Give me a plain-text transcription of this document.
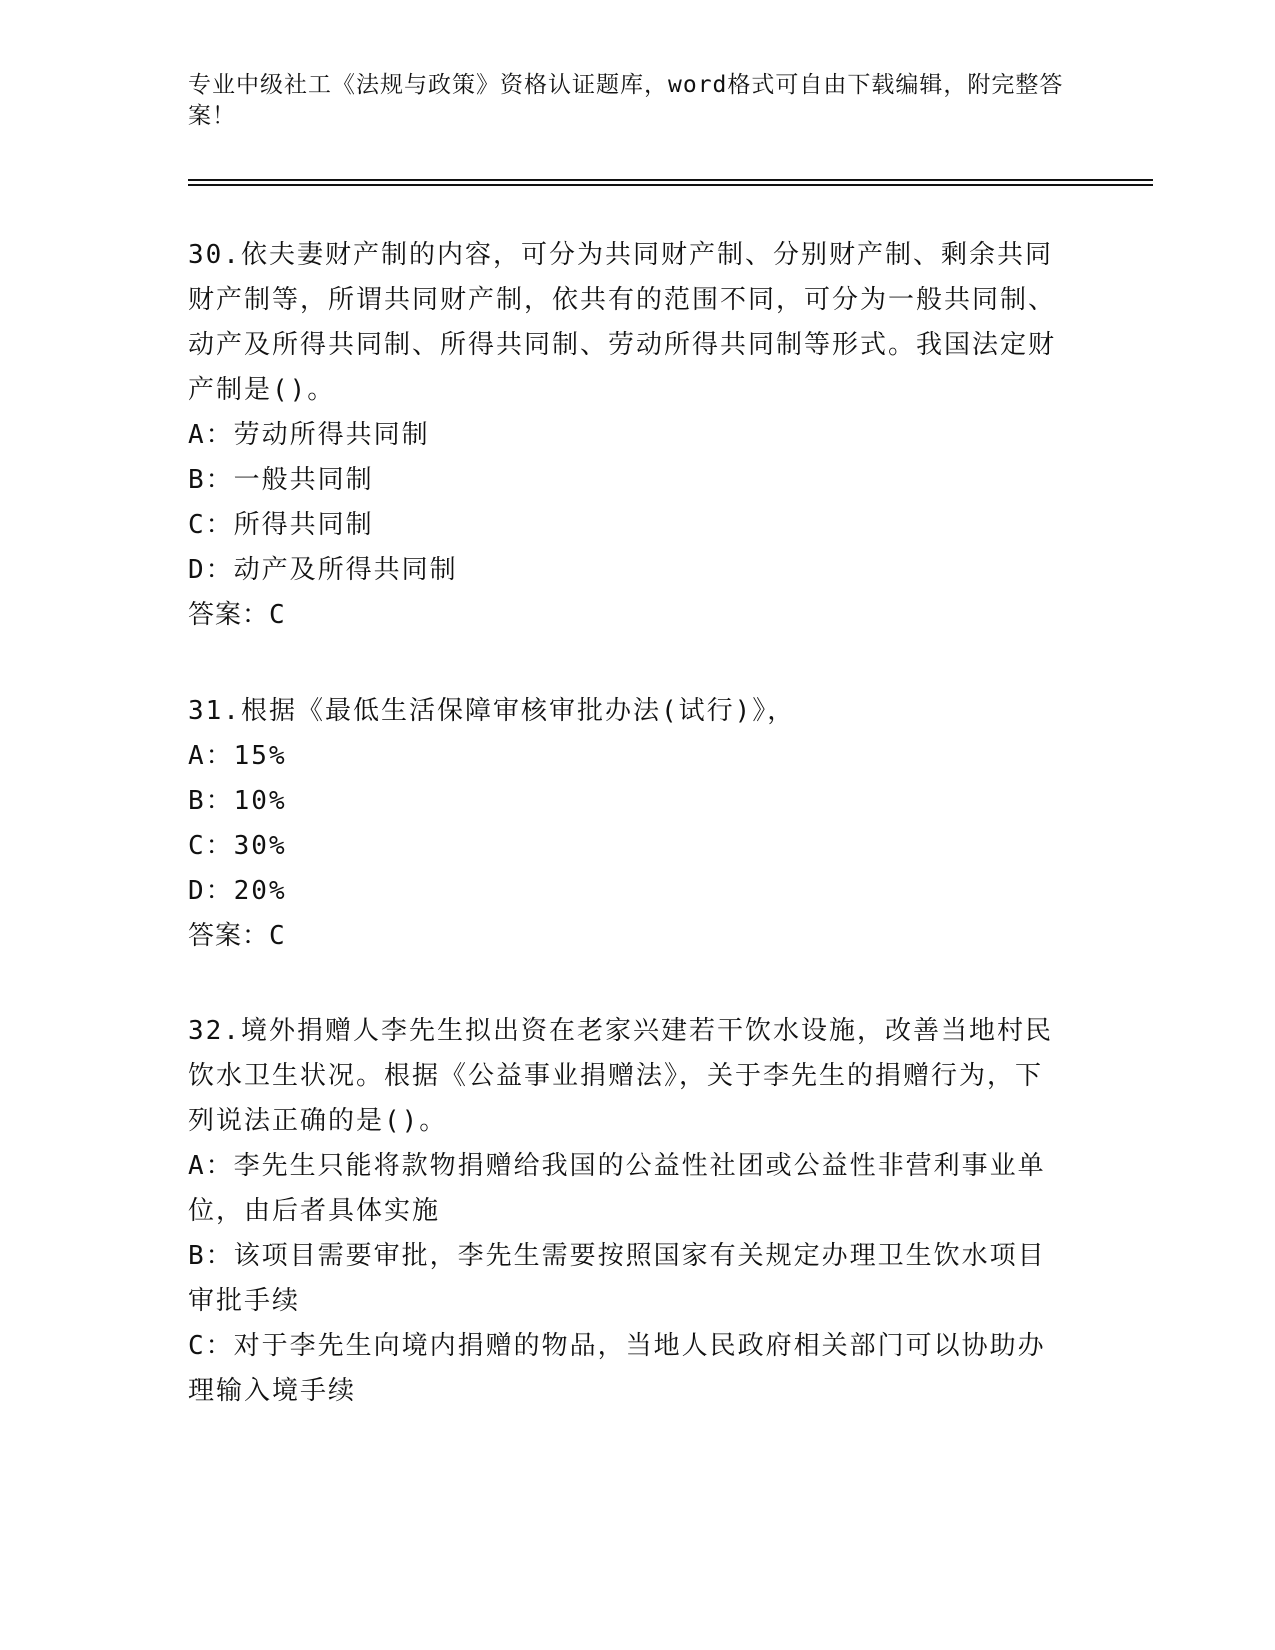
专业中级社工《法规与政策》资格认证题库，word格式可自由下载编辑，附完整答案！
30.依夫妻财产制的内容，可分为共同财产制、分别财产制、剩余共同财产制等，所谓共同财产制，依共有的范围不同，可分为一般共同制、动产及所得共同制、所得共同制、劳动所得共同制等形式。我国法定财产制是()。
A：劳动所得共同制
B：一般共同制
C：所得共同制
D：动产及所得共同制
答案：C
31.根据《最低生活保障审核审批办法(试行)》，
A：15%
B：10%
C：30%
D：20%
答案：C
32.境外捐赠人李先生拟出资在老家兴建若干饮水设施，改善当地村民饮水卫生状况。根据《公益事业捐赠法》，关于李先生的捐赠行为，下列说法正确的是()。
A：李先生只能将款物捐赠给我国的公益性社团或公益性非营利事业单位，由后者具体实施
B：该项目需要审批，李先生需要按照国家有关规定办理卫生饮水项目审批手续
C：对于李先生向境内捐赠的物品，当地人民政府相关部门可以协助办理输入境手续
